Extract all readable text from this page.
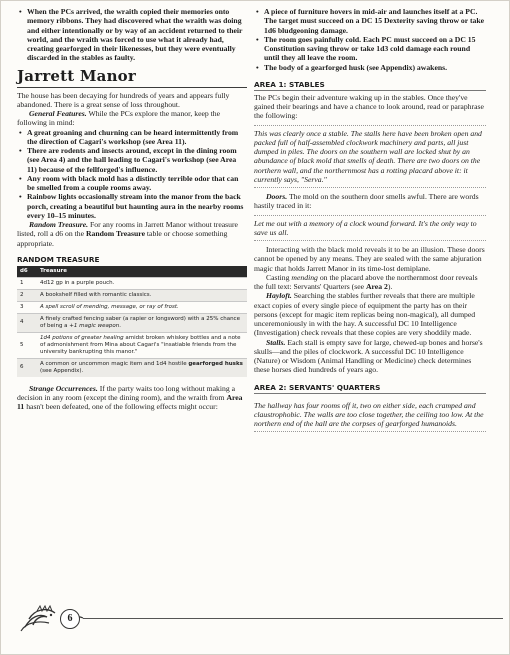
• When the PCs arrived, the wraith copied their memories onto memory ribbons. They had discovered what the wraith was doing and either intentionally or by way of an accident returned to their world, and the wraith was forced to use what it already had, creating gearforged in their likenesses, but they were eventually discarded in the stables as faulty.
Jarrett Manor

The house has been decaying for hundreds of years and appears fully abandoned. There is a great sense of loss throughout.

General Features. While the PCs explore the manor, keep the following in mind:

• A great groaning and churning can be heard intermittently from the direction of Cagari's workshop (see Area 11).
• There are rodents and insects around, except in the dining room (see Area 4) and the hall leading to Cagari's workshop (see Area 11) because of the fellforged's influence.
• Any room with black mold has a distinctly terrible odor that can be smelled from a couple rooms away.
• Rainbow lights occasionally stream into the manor from the back porch, creating a beautiful but haunting aura in the nearby rooms every 10–15 minutes.

Random Treasure. For any rooms in Jarrett Manor without treasure listed, roll a d6 on the Random Treasure table or choose something appropriate.

RANDOM TREASURE
d6	Treasure
1	4d12 gp in a purple pouch.
2	A bookshelf filled with romantic classics.
3	A spell scroll of mending, message, or ray of frost.
4	A finely crafted fencing saber (a rapier or longsword) with a 25% chance of being a +1 magic weapon.
5	1d4 potions of greater healing amidst broken whiskey bottles and a note of admonishment from Mina about Cagari's "insatiable friends from the university bankrupting this manor."
6	A common or uncommon magic item and 1d4 hostile gearforged husks (see Appendix).

Strange Occurrences. If the party waits too long without making a decision in any room (except the dining room), and the wraith from Area 11 hasn't been defeated, one of the following effects might occur:

• A piece of furniture hovers in mid-air and launches itself at a PC. The target must succeed on a DC 15 Dexterity saving throw or take 1d6 bludgeoning damage.
• The room goes painfully cold. Each PC must succeed on a DC 15 Constitution saving throw or take 1d3 cold damage each round until they all leave the room.
• The body of a gearforged husk (see Appendix) awakens.
AREA 1: STABLES

The PCs begin their adventure waking up in the stables. Once they've gained their bearings and have a chance to look around, read or paraphrase the following:

This was clearly once a stable. The stalls here have been broken open and packed full of half-assembled clockwork machinery and parts, all just dumped in piles. The doors on the southern wall are locked shut by an abundance of black mold that smells of death. There are two doors on the northern wall, and the northernmost has a rotting placard above it: it currently says, "Serva."

Doors. The mold on the southern door smells awful. There are words hastily traced in it:

Let me out with a memory of a clock wound forward. It's the only way to save us all.

Interacting with the black mold reveals it to be an illusion. These doors cannot be opened by any means. They are sealed with the same abjuration magic that holds Jarrett Manor in its time-lost demiplane.

Casting mending on the placard above the northernmost door reveals the full text: Servants' Quarters (see Area 2).

Hayloft. Searching the stables further reveals that there are multiple exact copies of every single piece of equipment the party has on their persons (except for magic item replicas being non-magical), all dumped unceremoniously in with the hay. A successful DC 10 Intelligence (Investigation) check reveals that these copies are very shoddily made.

Stalls. Each stall is empty save for large, chewed-up bones and horse's skulls—and the piles of clockwork. A successful DC 10 Intelligence (Nature) or Wisdom (Animal Handling or Medicine) check determines these horses died hundreds of years ago.

AREA 2: SERVANTS' QUARTERS
The hallway has four rooms off it, two on either side, each cramped and claustrophobic. The walls are too close together, the ceiling too low. At the northern end of the hall are the corpses of gearforged humanoids.
6
